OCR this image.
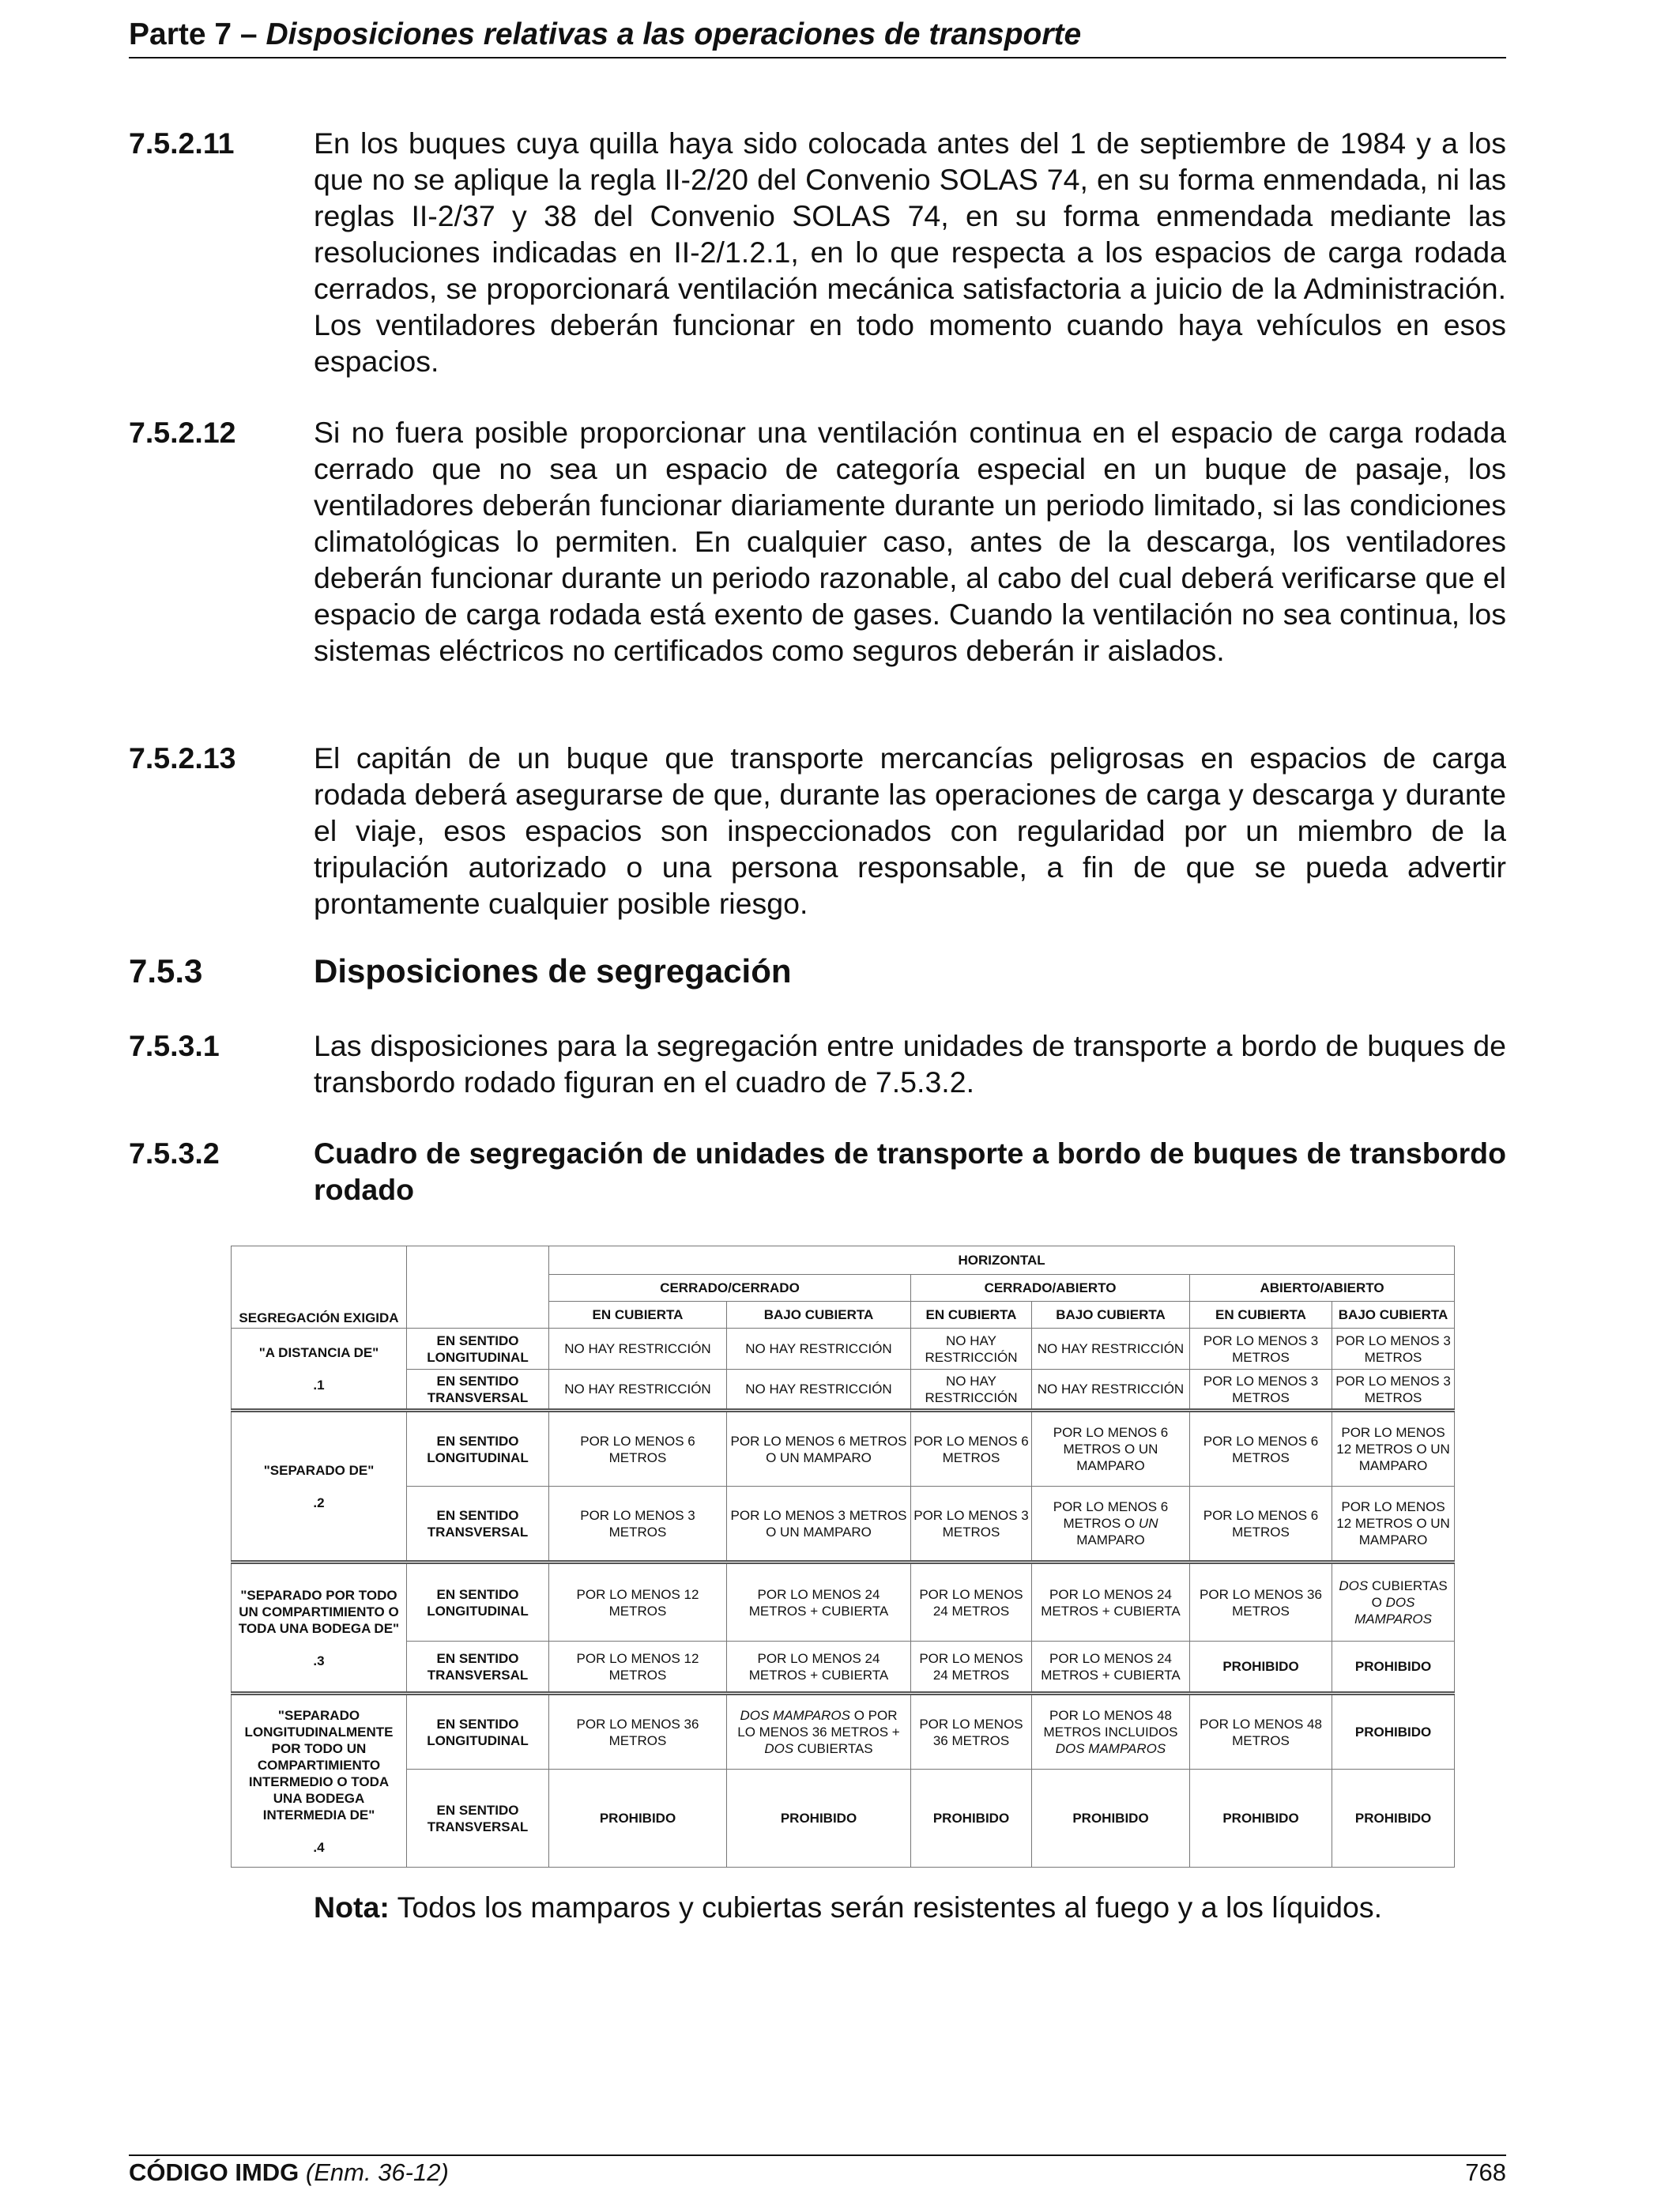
Parte 7 – Disposiciones relativas a las operaciones de transporte
7.5.2.11	En los buques cuya quilla haya sido colocada antes del 1 de septiembre de 1984 y a los que no se aplique la regla II-2/20 del Convenio SOLAS 74, en su forma enmendada, ni las reglas II-2/37 y 38 del Convenio SOLAS 74, en su forma enmendada mediante las resoluciones indicadas en II-2/1.2.1, en lo que respecta a los espacios de carga rodada cerrados, se proporcionará ventilación mecánica satisfactoria a juicio de la Administración. Los ventiladores deberán funcionar en todo momento cuando haya vehículos en esos espacios.
7.5.2.12	Si no fuera posible proporcionar una ventilación continua en el espacio de carga rodada cerrado que no sea un espacio de categoría especial en un buque de pasaje, los ventiladores deberán funcionar diariamente durante un periodo limitado, si las condiciones climatológicas lo permiten. En cualquier caso, antes de la descarga, los ventiladores deberán funcionar durante un periodo razonable, al cabo del cual deberá verificarse que el espacio de carga rodada está exento de gases. Cuando la ventilación no sea continua, los sistemas eléctricos no certificados como seguros deberán ir aislados.
7.5.2.13	El capitán de un buque que transporte mercancías peligrosas en espacios de carga rodada deberá asegurarse de que, durante las operaciones de carga y descarga y durante el viaje, esos espacios son inspeccionados con regularidad por un miembro de la tripulación autorizado o una persona responsable, a fin de que se pueda advertir prontamente cualquier posible riesgo.
7.5.3	Disposiciones de segregación
7.5.3.1	Las disposiciones para la segregación entre unidades de transporte a bordo de buques de transbordo rodado figuran en el cuadro de 7.5.3.2.
7.5.3.2	Cuadro de segregación de unidades de transporte a bordo de buques de transbordo rodado
SEGREGACIÓN EXIGIDA		HORIZONTAL					
		CERRADO/CERRADO		CERRADO/ABIERTO		ABIERTO/ABIERTO	
		EN CUBIERTA	BAJO CUBIERTA	EN CUBIERTA	BAJO CUBIERTA	EN CUBIERTA	BAJO CUBIERTA
"A DISTANCIA DE"
.1	EN SENTIDO LONGITUDINAL	NO HAY RESTRICCIÓN	NO HAY RESTRICCIÓN	NO HAY RESTRICCIÓN	NO HAY RESTRICCIÓN	POR LO MENOS 3 METROS	POR LO MENOS 3 METROS
	EN SENTIDO TRANSVERSAL	NO HAY RESTRICCIÓN	NO HAY RESTRICCIÓN	NO HAY RESTRICCIÓN	NO HAY RESTRICCIÓN	POR LO MENOS 3 METROS	POR LO MENOS 3 METROS
"SEPARADO DE"
.2	EN SENTIDO LONGITUDINAL	POR LO MENOS 6 METROS	POR LO MENOS 6 METROS O UN MAMPARO	POR LO MENOS 6 METROS	POR LO MENOS 6 METROS O UN MAMPARO	POR LO MENOS 6 METROS	POR LO MENOS 12 METROS O UN MAMPARO
	EN SENTIDO TRANSVERSAL	POR LO MENOS 3 METROS	POR LO MENOS 3 METROS O UN MAMPARO	POR LO MENOS 3 METROS	POR LO MENOS 6 METROS O UN MAMPARO	POR LO MENOS 6 METROS	POR LO MENOS 12 METROS O UN MAMPARO
"SEPARADO POR TODO UN COMPARTIMIENTO O TODA UNA BODEGA DE"
.3	EN SENTIDO LONGITUDINAL	POR LO MENOS 12 METROS	POR LO MENOS 24 METROS + CUBIERTA	POR LO MENOS 24 METROS	POR LO MENOS 24 METROS + CUBIERTA	POR LO MENOS 36 METROS	DOS CUBIERTAS O DOS MAMPAROS
	EN SENTIDO TRANSVERSAL	POR LO MENOS 12 METROS	POR LO MENOS 24 METROS + CUBIERTA	POR LO MENOS 24 METROS	POR LO MENOS 24 METROS + CUBIERTA	PROHIBIDO	PROHIBIDO
"SEPARADO LONGITUDINALMENTE POR TODO UN COMPARTIMIENTO INTERMEDIO O TODA UNA BODEGA INTERMEDIA DE"
.4	EN SENTIDO LONGITUDINAL	POR LO MENOS 36 METROS	DOS MAMPAROS O POR LO MENOS 36 METROS + DOS CUBIERTAS	POR LO MENOS 36 METROS	POR LO MENOS 48 METROS INCLUIDOS DOS MAMPAROS	POR LO MENOS 48 METROS	PROHIBIDO
	EN SENTIDO TRANSVERSAL	PROHIBIDO	PROHIBIDO	PROHIBIDO	PROHIBIDO	PROHIBIDO	PROHIBIDO
Nota: Todos los mamparos y cubiertas serán resistentes al fuego y a los líquidos.
CÓDIGO IMDG (Enm. 36-12)	768
